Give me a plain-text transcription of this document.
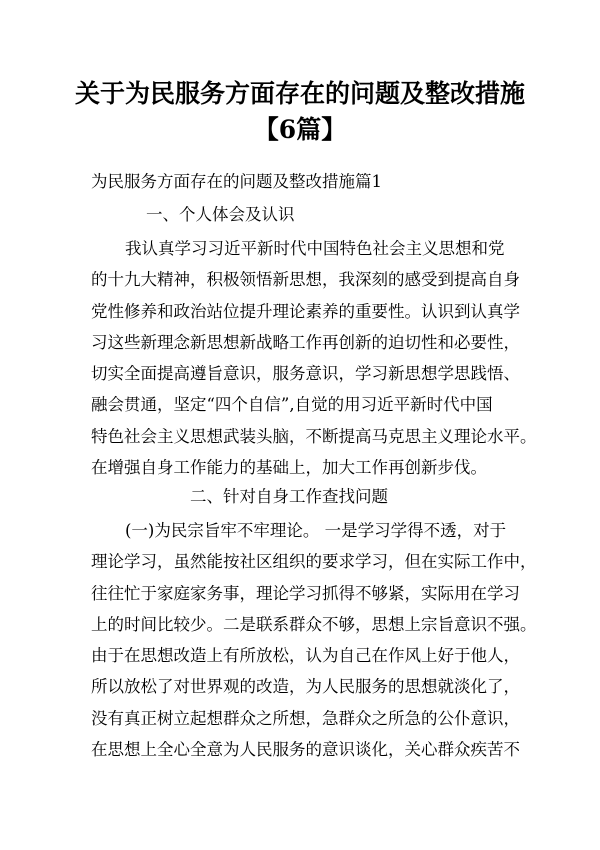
关于为民服务方面存在的问题及整改措施
【6篇】

为民服务方面存在的问题及整改措施篇1

一、个人体会及认识

我认真学习习近平新时代中国特色社会主义思想和党
的十九大精神，积极领悟新思想，我深刻的感受到提高自身
党性修养和政治站位提升理论素养的重要性。认识到认真学
习这些新理念新思想新战略工作再创新的迫切性和必要性，
切实全面提高遵旨意识，服务意识，学习新思想学思践悟、
融会贯通，坚定“四个自信”,自觉的用习近平新时代中国
特色社会主义思想武装头脑，不断提高马克思主义理论水平。
在增强自身工作能力的基础上，加大工作再创新步伐。

二、针对自身工作查找问题

(一)为民宗旨牢不牢理论。 一是学习学得不透，对于
理论学习，虽然能按社区组织的要求学习，但在实际工作中，
往往忙于家庭家务事，理论学习抓得不够紧，实际用在学习
上的时间比较少。二是联系群众不够，思想上宗旨意识不强。
由于在思想改造上有所放松，认为自己在作风上好于他人，
所以放松了对世界观的改造，为人民服务的思想就淡化了，
没有真正树立起想群众之所想，急群众之所急的公仆意识，
在思想上全心全意为人民服务的意识谈化，关心群众疾苦不
